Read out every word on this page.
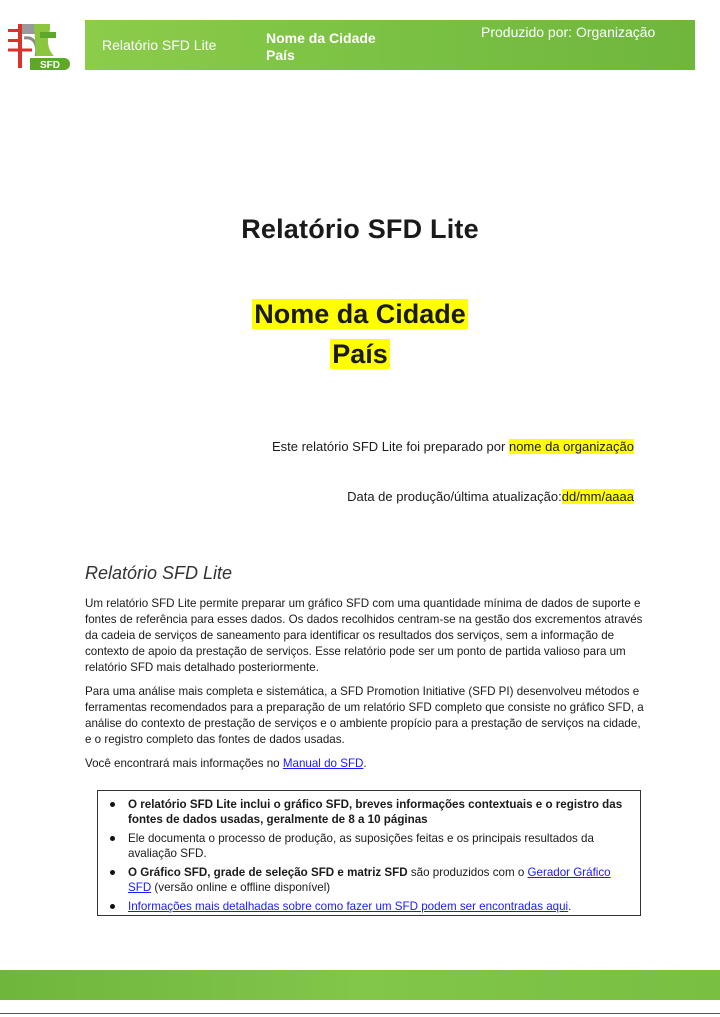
SFD
Relatório SFD Lite	Nome da Cidade
País
Produzido por: Organização
Relatório SFD Lite
Nome da Cidade
País
Este relatório SFD Lite foi preparado por nome da organização
Data de produção/última atualização:dd/mm/aaaa
Relatório SFD Lite

Um relatório SFD Lite permite preparar um gráfico SFD com uma quantidade mínima de dados de suporte e fontes de referência para esses dados. Os dados recolhidos centram-se na gestão dos excrementos através da cadeia de serviços de saneamento para identificar os resultados dos serviços, sem a informação de contexto de apoio da prestação de serviços. Esse relatório pode ser um ponto de partida valioso para um relatório SFD mais detalhado posteriormente.

Para uma análise mais completa e sistemática, a SFD Promotion Initiative (SFD PI) desenvolveu métodos e ferramentas recomendados para a preparação de um relatório SFD completo que consiste no gráfico SFD, a análise do contexto de prestação de serviços e o ambiente propício para a prestação de serviços na cidade, e o registro completo das fontes de dados usadas.

Você encontrará mais informações no Manual do SFD.

O relatório SFD Lite inclui o gráfico SFD, breves informações contextuais e o registro das fontes de dados usadas, geralmente de 8 a 10 páginas
Ele documenta o processo de produção, as suposições feitas e os principais resultados da avaliação SFD.
O Gráfico SFD, grade de seleção SFD e matriz SFD são produzidos com o Gerador Gráfico SFD (versão online e offline disponível)
Informações mais detalhadas sobre como fazer um SFD podem ser encontradas aqui.
